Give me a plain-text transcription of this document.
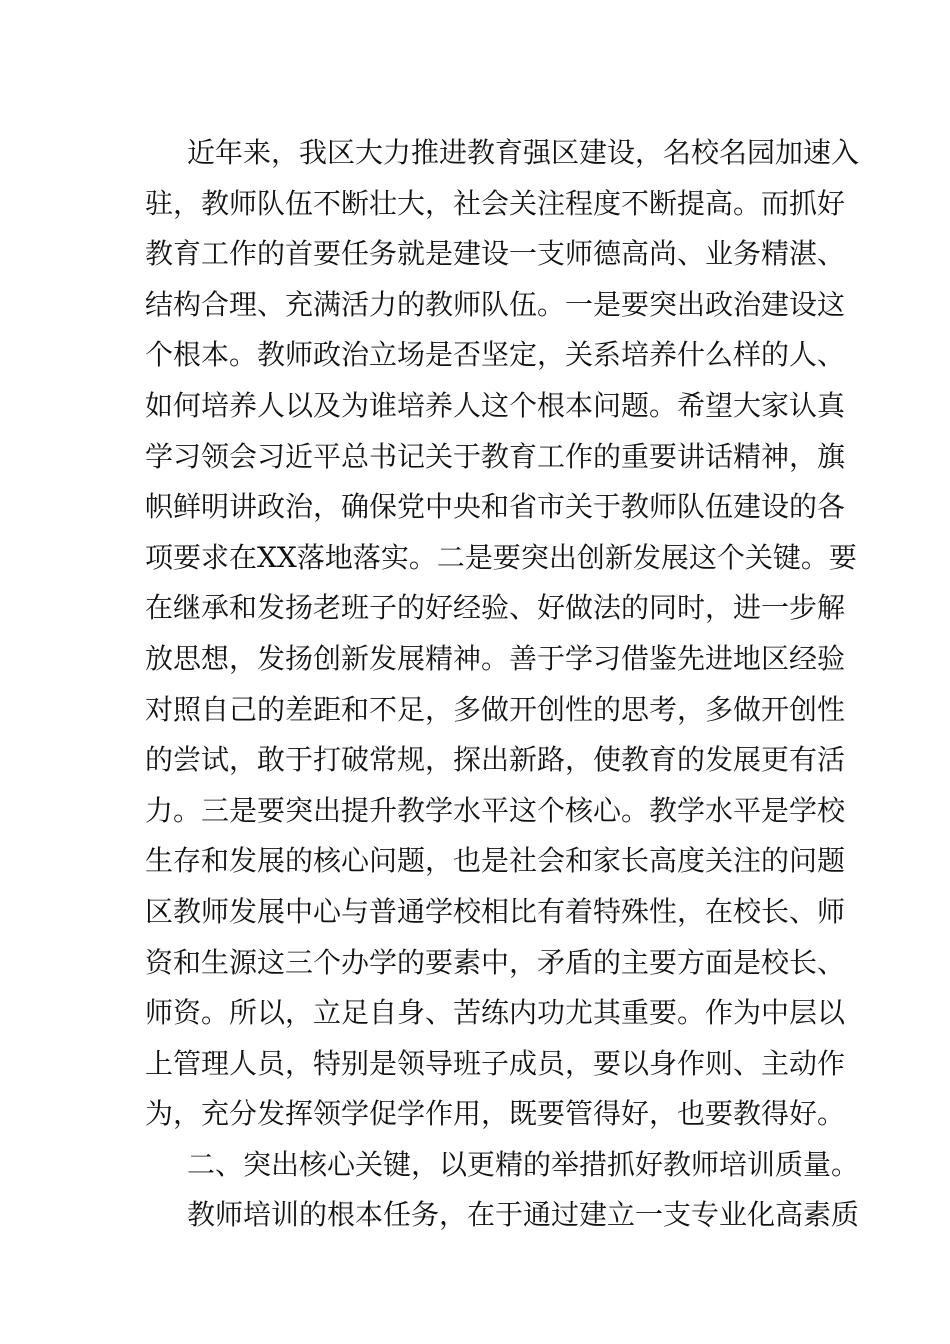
近年来，我区大力推进教育强区建设，名校名园加速入
驻，教师队伍不断壮大，社会关注程度不断提高。而抓好
教育工作的首要任务就是建设一支师德高尚、业务精湛、
结构合理、充满活力的教师队伍。一是要突出政治建设这
个根本。教师政治立场是否坚定，关系培养什么样的人、
如何培养人以及为谁培养人这个根本问题。希望大家认真
学习领会习近平总书记关于教育工作的重要讲话精神，旗
帜鲜明讲政治，确保党中央和省市关于教师队伍建设的各
项要求在XX落地落实。二是要突出创新发展这个关键。要
在继承和发扬老班子的好经验、好做法的同时，进一步解
放思想，发扬创新发展精神。善于学习借鉴先进地区经验
对照自己的差距和不足，多做开创性的思考，多做开创性
的尝试，敢于打破常规，探出新路，使教育的发展更有活
力。三是要突出提升教学水平这个核心。教学水平是学校
生存和发展的核心问题，也是社会和家长高度关注的问题
区教师发展中心与普通学校相比有着特殊性，在校长、师
资和生源这三个办学的要素中，矛盾的主要方面是校长、
师资。所以，立足自身、苦练内功尤其重要。作为中层以
上管理人员，特别是领导班子成员，要以身作则、主动作
为，充分发挥领学促学作用，既要管得好，也要教得好。
二、突出核心关键，以更精的举措抓好教师培训质量。
教师培训的根本任务，在于通过建立一支专业化高素质
